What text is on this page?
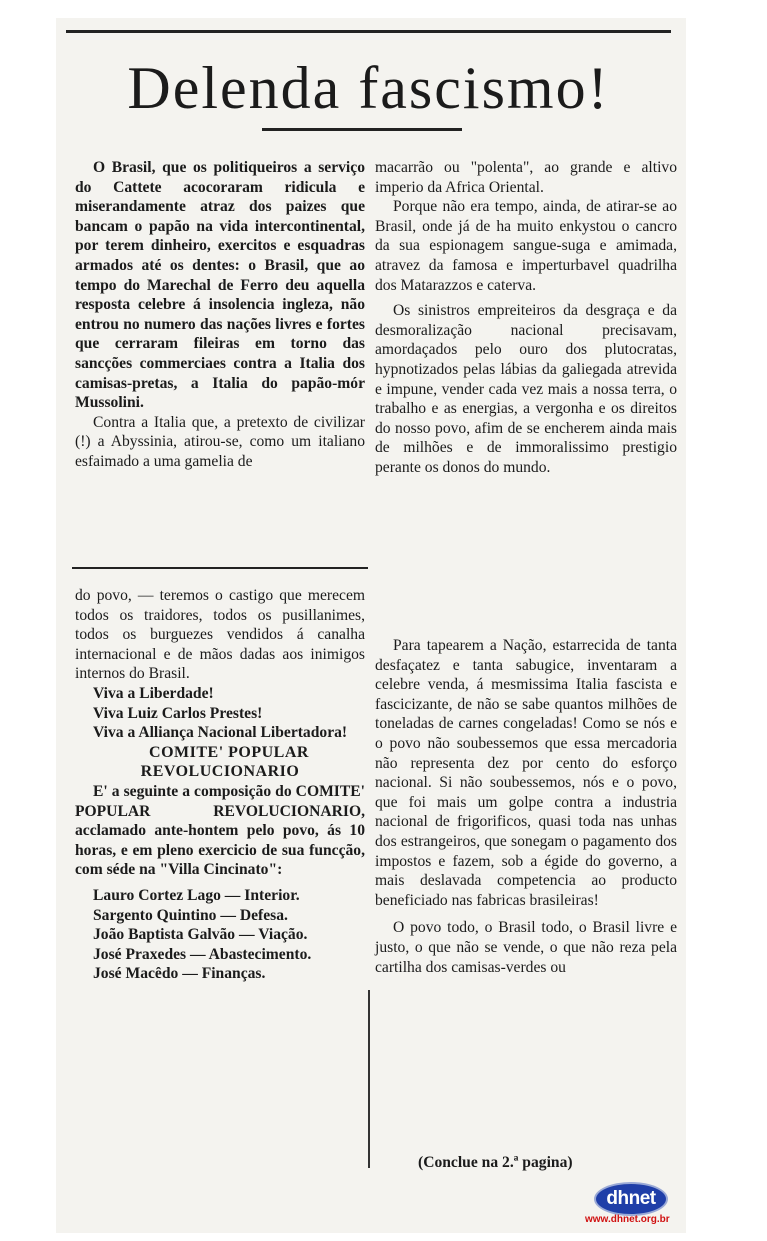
Delenda fascismo!

O Brasil, que os politiqueiros a serviço do Cattete acocoraram ridicula e miserandamente atraz dos paizes que bancam o papão na vida intercontinental, por terem dinheiro, exercitos e esquadras armados até os dentes: o Brasil, que ao tempo do Marechal de Ferro deu aquella resposta celebre á insolencia ingleza, não entrou no numero das nações livres e fortes que cerraram fileiras em torno das sancções commerciaes contra a Italia dos camisas-pretas, a Italia do papão-mór Mussolini.

Contra a Italia que, a pretexto de civilizar (!) a Abyssinia, atirou-se, como um italiano esfaimado a uma gamelia de

do povo, — teremos o castigo que merecem todos os traidores, todos os pusillanimes, todos os burguezes vendidos á canalha internacional e de mãos dadas aos inimigos internos do Brasil.

Viva a Liberdade!

Viva Luiz Carlos Prestes!

Viva a Alliança Nacional Libertadora!

COMITE' POPULAR REVOLUCIONARIO

E' a seguinte a composição do COMITE' POPULAR REVOLUCIONARIO, acclamado ante-hontem pelo povo, ás 10 horas, e em pleno exercicio de sua funcção, com séde na "Villa Cincinato":

Lauro Cortez Lago — Interior.

Sargento Quintino — Defesa.

João Baptista Galvão — Viação.

José Praxedes — Abastecimento.

José Macêdo — Finanças.

macarrão ou "polenta", ao grande e altivo imperio da Africa Oriental.

Porque não era tempo, ainda, de atirar-se ao Brasil, onde já de ha muito enkystou o cancro da sua espionagem sangue-suga e amimada, atravez da famosa e imperturbavel quadrilha dos Matarazzos e caterva.

Os sinistros empreiteiros da desgraça e da desmoralização nacional precisavam, amordaçados pelo ouro dos plutocratas, hypnotizados pelas lábias da galiegada atrevida e impune, vender cada vez mais a nossa terra, o trabalho e as energias, a vergonha e os direitos do nosso povo, afim de se encherem ainda mais de milhões e de immoralissimo prestigio perante os donos do mundo.

Para tapearem a Nação, estarrecida de tanta desfaçatez e tanta sabugice, inventaram a celebre venda, á mesmissima Italia fascista e fascicizante, de não se sabe quantos milhões de toneladas de carnes congeladas! Como se nós e o povo não soubessemos que essa mercadoria não representa dez por cento do esforço nacional. Si não soubessemos, nós e o povo, que foi mais um golpe contra a industria nacional de frigorificos, quasi toda nas unhas dos estrangeiros, que sonegam o pagamento dos impostos e fazem, sob a égide do governo, a mais deslavada competencia ao producto beneficiado nas fabricas brasileiras!

O povo todo, o Brasil todo, o Brasil livre e justo, o que não se vende, o que não reza pela cartilha dos camisas-verdes ou

(Conclue na 2.ª pagina)
dhnet
www.dhnet.org.br
